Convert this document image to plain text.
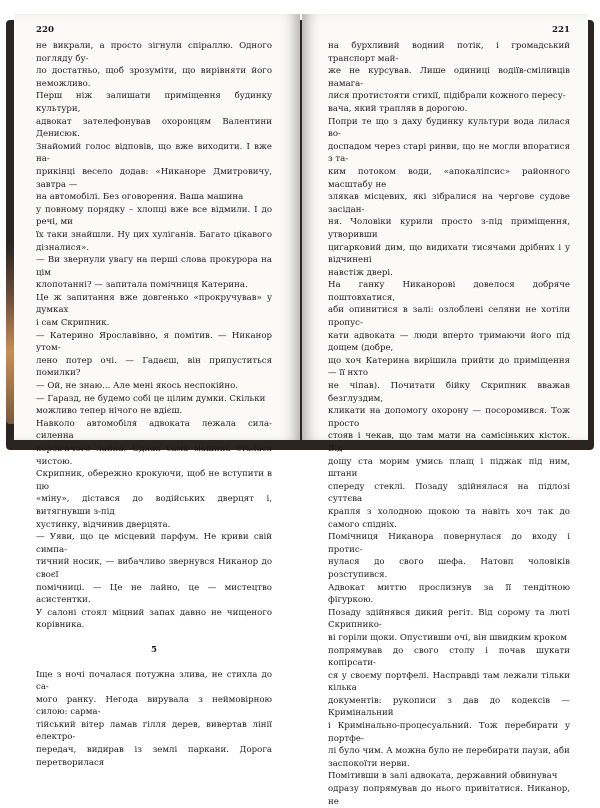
220

не викрали, а просто зігнули спіраллю. Одного погляду бу-

ло достатньо, щоб зрозуміти, що вирівняти його неможливо.

Перш ніж залишати приміщення будинку культури,

адвокат зателефонував охоронцям Валентини Денисюк.

Знайомий голос відповів, що вже виходити. І вже на-

прикінці весело додав: «Никаноре Дмитровичу, завтра —

на автомобілі. Без оговорення. Ваша машина

у повному порядку – хлопці вже все відмили. І до речі, ми

їх таки знайшли. Ну цих хуліганів. Багато цікавого дізналися».

— Ви звернули увагу на перші слова прокурора на цім

клопотанні? — запитала помічниця Катерина.

Це ж запитання вже довгенько «прокручував» у думках

і сам Скрипник.

— Катерино Ярославівно, я помітив. — Никанор утом-

лено потер очі. — Гадаєш, він припуститься помилки?

— Ой, не знаю... Але мені якось неспокійно.

— Гаразд, не будемо собі це цілим думки. Скільки

можливо тепер нічого не вдієш.

Навколо автомобіля адвоката лежала сила-силенна

коров'ячого лайна. Однак сама машина сталася чистою.

Скрипник, обережно крокуючи, щоб не вступити в цю

«міну», дістався до водійських дверцят і, витягнувши з-під

хустинку, відчинив дверцята.

— Уяви, що це місцевий парфум. Не криви свій симпа-

тичний носик, — вибачливо звернувся Никанор до своєї

помічниці. — Це не лайно, це — мистецтво асистентки.

У салоні стоял міцний запах давно не чищеного корівника.

5

Іще з ночі почалася потужна злива, не стихла до са-

мого ранку. Негода вирувала з неймовірною силою: сарма-

тійський вітер ламав гілля дерев, вивертав лінії електро-

передач, видирав із землі паркани. Дорога перетворилася

221

на бурхливий водний потік, і громадський транспорт май-

же не курсував. Лише одиниці водіїв-сміливців намага-

лися протистояти стихії, підібрали кожного пересу-

вача, який трапляв в дорогою.

Попри те що з даху будинку культури вода лилася во-

доспадом через старі ринви, що не могли впоратися з та-

ким потоком води, «апокаліпсис» районного масштабу не

злякав місцевих, які зібралися на чергове судове засідан-

ня. Чоловіки курили просто з-під приміщення, утворивши

цигарковий дим, що видихати тисячами дрібних і у відчинені

навстіж двері.

На ганку Никанорові довелося добряче поштовхатися,

аби опинитися в залі: озлоблені селяни не хотіли пропус-

кати адвоката — люди вперто тримаючи його під дощем (добре,

що хоч Катерина вирішила прийти до приміщення — її нхто

не чіпав). Почитати бійку Скрипник вважав безглуздим,

кликати на допомогу охорону — посоромився. Тож просто

стояв і чекав, що там мати на самісіньких кісток. Від

дощу ста морим умись плащ і піджак під ним, штани

спереду стеклі. Позаду здійнялася на підлозі суттєва

крапля з холодною щокою та навіть хоч так до самого спідніх.

Помічниця Никанора повернулася до входу і протис-

нулася до свого шефа. Натовп чоловіків розступився.

Адвокат миттю прослизнув за її тендітною фігуркою.

Позаду здійнявся дикий регіт. Від сорому та люті Скрипнико-

ві горіли щоки. Опустивши очі, він швидким кроком

попрямував до свого столу і почав шукати копірсати-

ся у своєму портфелі. Насправді там лежали тільки кілька

документів: рукописи з дав до кодексів — Кримінальний

і Кримінально-процесуальний. Тож перебирати у портфе-

лі було чим. А можна було не перебирати паузи, аби

заспокоїти нерви.

Помітивши в залі адвоката, державний обвинувач

одразу попрямував до нього привітатися. Никанор, не
